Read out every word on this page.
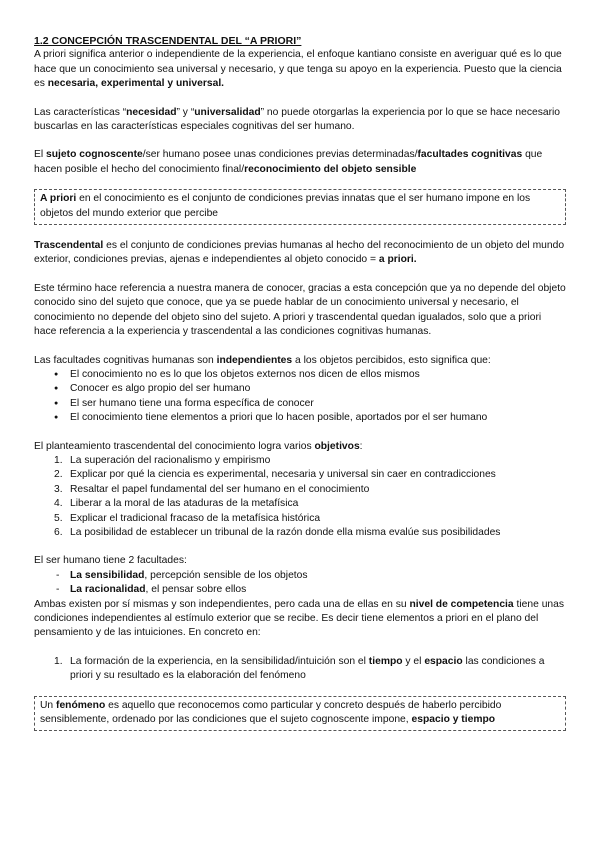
1.2 CONCEPCIÓN TRASCENDENTAL DEL “A PRIORI”

A priori significa anterior o independiente de la experiencia, el enfoque kantiano consiste en averiguar qué es lo que hace que un conocimiento sea universal y necesario, y que tenga su apoyo en la experiencia. Puesto que la ciencia es necesaria, experimental y universal.

Las características “necesidad” y “universalidad” no puede otorgarlas la experiencia por lo que se hace necesario buscarlas en las características especiales cognitivas del ser humano.

El sujeto cognoscente/ser humano posee unas condiciones previas determinadas/facultades cognitivas que hacen posible el hecho del conocimiento final/reconocimiento del objeto sensible

A priori en el conocimiento es el conjunto de condiciones previas innatas que el ser humano impone en los objetos del mundo exterior que percibe

Trascendental es el conjunto de condiciones previas humanas al hecho del reconocimiento de un objeto del mundo exterior, condiciones previas, ajenas e independientes al objeto conocido = a priori.

Este término hace referencia a nuestra manera de conocer, gracias a esta concepción que ya no depende del objeto conocido sino del sujeto que conoce, que ya se puede hablar de un conocimiento universal y necesario, el conocimiento no depende del objeto sino del sujeto. A priori y trascendental quedan igualados, solo que a priori hace referencia a la experiencia y trascendental a las condiciones cognitivas humanas.

Las facultades cognitivas humanas son independientes a los objetos percibidos, esto significa que:

● El conocimiento no es lo que los objetos externos nos dicen de ellos mismos
● Conocer es algo propio del ser humano
● El ser humano tiene una forma específica de conocer
● El conocimiento tiene elementos a priori que lo hacen posible, aportados por el ser humano

El planteamiento trascendental del conocimiento logra varios objetivos:

1. La superación del racionalismo y empirismo
2. Explicar por qué la ciencia es experimental, necesaria y universal sin caer en contradicciones
3. Resaltar el papel fundamental del ser humano en el conocimiento
4. Liberar a la moral de las ataduras de la metafísica
5. Explicar el tradicional fracaso de la metafísica histórica
6. La posibilidad de establecer un tribunal de la razón donde ella misma evalúe sus posibilidades

El ser humano tiene 2 facultades:

- La sensibilidad, percepción sensible de los objetos
- La racionalidad, el pensar sobre ellos

Ambas existen por sí mismas y son independientes, pero cada una de ellas en su nivel de competencia tiene unas condiciones independientes al estímulo exterior que se recibe. Es decir tiene elementos a priori en el plano del pensamiento y de las intuiciones. En concreto en:

1. La formación de la experiencia, en la sensibilidad/intuición son el tiempo y el espacio las condiciones a priori y su resultado es la elaboración del fenómeno

Un fenómeno es aquello que reconocemos como particular y concreto después de haberlo percibido sensiblemente, ordenado por las condiciones que el sujeto cognoscente impone, espacio y tiempo
